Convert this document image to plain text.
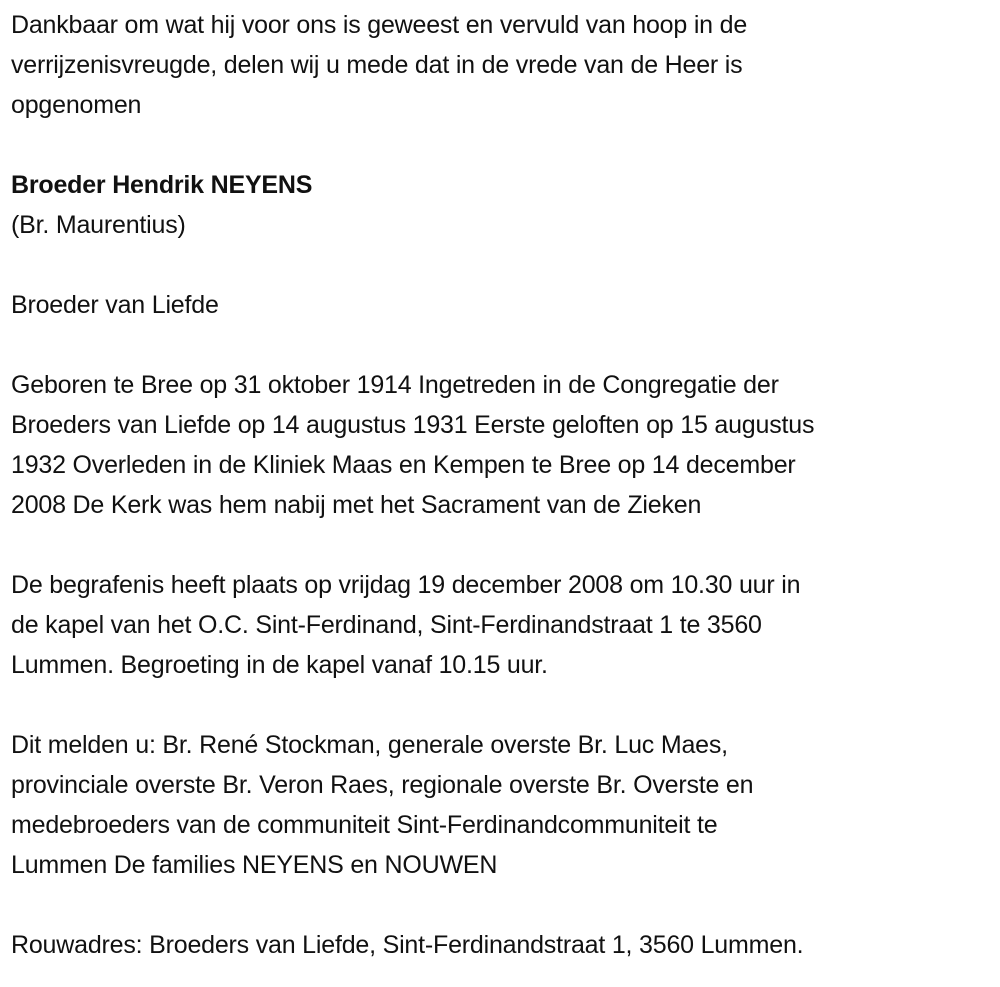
Dankbaar om wat hij voor ons is geweest en vervuld van hoop in de
verrijzenisvreugde, delen wij u mede dat in de vrede van de Heer is
opgenomen
Broeder Hendrik NEYENS
(Br. Maurentius)
Broeder van Liefde
Geboren te Bree op 31 oktober 1914 Ingetreden in de Congregatie der
Broeders van Liefde op 14 augustus 1931 Eerste geloften op 15 augustus
1932 Overleden in de Kliniek Maas en Kempen te Bree op 14 december
2008 De Kerk was hem nabij met het Sacrament van de Zieken
De begrafenis heeft plaats op vrijdag 19 december 2008 om 10.30 uur in
de kapel van het O.C. Sint-Ferdinand, Sint-Ferdinandstraat 1 te 3560
Lummen. Begroeting in de kapel vanaf 10.15 uur.
Dit melden u: Br. René Stockman, generale overste Br. Luc Maes,
provinciale overste Br. Veron Raes, regionale overste Br. Overste en
medebroeders van de communiteit Sint-Ferdinandcommuniteit te
Lummen De families NEYENS en NOUWEN
Rouwadres: Broeders van Liefde, Sint-Ferdinandstraat 1, 3560 Lummen.
